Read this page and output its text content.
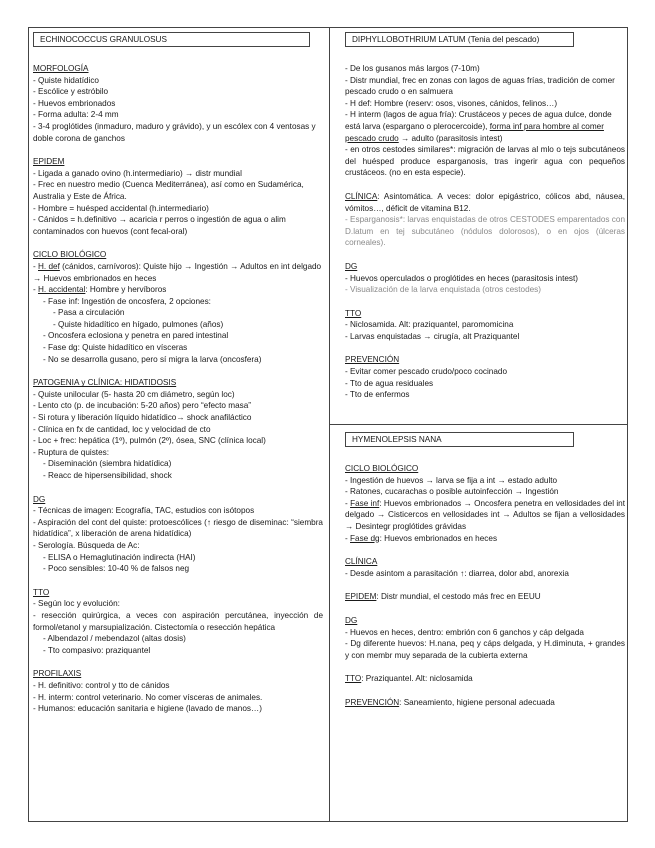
ECHINOCOCCUS GRANULOSUS

MORFOLOGÍA

- Quiste hidatídico

- Escólice y estróbilo

- Huevos embrionados

- Forma adulta: 2-4 mm

- 3-4 proglótides (inmaduro, maduro y grávido), y un escólex con 4 ventosas y doble corona de ganchos

EPIDEM

- Ligada a ganado ovino (h.intermediario) → distr mundial

- Frec en nuestro medio (Cuenca Mediterránea), así como en Sudamérica, Australia y Este de África.

- Hombre = huésped accidental (h.intermediario)

- Cánidos = h.definitivo → acaricia r perros o ingestión de agua o alim contaminados con huevos (cont fecal-oral)

CICLO BIOLÓGICO

- H. def (cánidos, carnívoros): Quiste hijo → Ingestión → Adultos en int delgado → Huevos embrionados en heces

- H. accidental: Hombre y hervíboros

- Fase inf: Ingestión de oncosfera, 2 opciones:

- Pasa a circulación

- Quiste hidadítico en hígado, pulmones (años)

- Oncosfera eclosiona y penetra en pared intestinal

- Fase dg: Quiste hidadítico en vísceras

- No se desarrolla gusano, pero sí migra la larva (oncosfera)

PATOGENIA y CLÍNICA: HIDATIDOSIS

- Quiste unilocular (5- hasta 20 cm diámetro, según loc)

- Lento cto (p. de incubación: 5-20 años) pero “efecto masa”

- Si rotura y liberación líquido hidatídico→ shock anafiláctico

- Clínica en fx de cantidad, loc y velocidad de cto

- Loc + frec: hepática (1º), pulmón (2º), ósea, SNC (clínica local)

- Ruptura de quistes:

- Diseminación (siembra hidatídica)

- Reacc de hipersensibilidad, shock

DG

- Técnicas de imagen: Ecografía, TAC, estudios con isótopos

- Aspiración del cont del quiste: protoescólices (↑ riesgo de diseminac: “siembra hidatídica”, x liberación de arena hidatídica)

- Serología. Búsqueda de Ac:

- ELISA o Hemaglutinación indirecta (HAI)

- Poco sensibles: 10-40 % de falsos neg

TTO

- Según loc y evolución:

- resección quirúrgica, a veces con aspiración percutánea, inyección de formol/etanol y marsupialización. Cistectomía o resección hepática

- Albendazol / mebendazol (altas dosis)

- Tto compasivo: praziquantel

PROFILAXIS

- H. definitivo: control y tto de cánidos

- H. interm: control veterinario. No comer vísceras de animales.

- Humanos: educación sanitaria e higiene (lavado de manos…)

DIPHYLLOBOTHRIUM LATUM (Tenia del pescado)

- De los gusanos más largos (7-10m)

- Distr mundial, frec en zonas con lagos de aguas frías, tradición de comer pescado crudo o en salmuera

- H def: Hombre (reserv: osos, visones, cánidos, felinos…)

- H interm (lagos de agua fría): Crustáceos y peces de agua dulce, donde está larva (espargano o plerocercoide), forma inf para hombre al comer pescado crudo → adulto (parasitosis intest)

- en otros cestodes similares*: migración de larvas al mlo o tejs subcutáneos del huésped produce esparganosis, tras ingerir agua con pequeños crustáceos. (no en esta especie).

CLÍNICA: Asintomática. A veces: dolor epigástrico, cólicos abd, náusea, vómitos…, déficit de vitamina B12.

- Esparganosis*: larvas enquistadas de otros CESTODES emparentados con D.latum en tej subcutáneo (nódulos dolorosos), o en ojos (úlceras corneales).

DG

- Huevos operculados o proglótides en heces (parasitosis intest)

- Visualización de la larva enquistada (otros cestodes)

TTO

- Niclosamida. Alt: praziquantel, paromomicina

- Larvas enquistadas → cirugía, alt Praziquantel

PREVENCIÓN

- Evitar comer pescado crudo/poco cocinado

- Tto de agua residuales

- Tto de enfermos

HYMENOLEPSIS NANA

CICLO BIOLÓGICO

- Ingestión de huevos → larva se fija a int → estado adulto

- Ratones, cucarachas o posible autoinfección → Ingestión

- Fase inf: Huevos embrionados → Oncosfera penetra en vellosidades del int delgado → Cisticercos en vellosidades int → Adultos se fijan a vellosidades → Desintegr proglótides grávidas

- Fase dg: Huevos embrionados en heces

CLÍNICA

- Desde asintom a parasitación ↑: diarrea, dolor abd, anorexia

EPIDEM: Distr mundial, el cestodo más frec en EEUU

DG

- Huevos en heces, dentro: embrión con 6 ganchos y cáp delgada

- Dg diferente huevos: H.nana, peq y cáps delgada, y H.diminuta, + grandes y con membr muy separada de la cubierta externa

TTO: Praziquantel. Alt: niclosamida

PREVENCIÓN: Saneamiento, higiene personal adecuada
